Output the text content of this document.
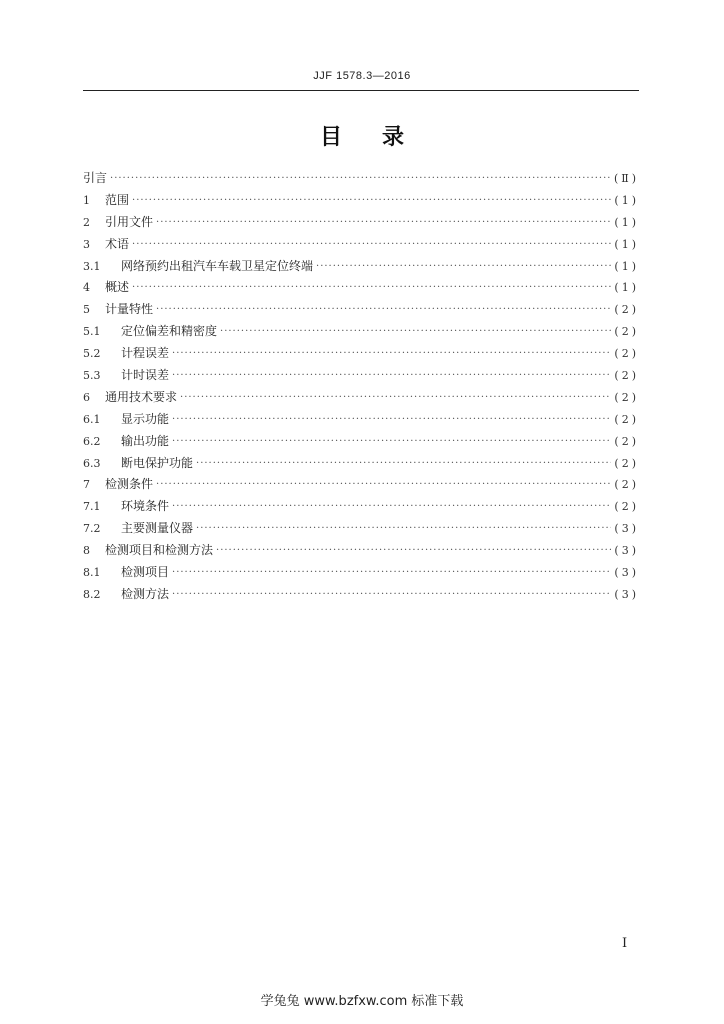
JJF 1578.3—2016
目 录
引言 ·····	(Ⅱ)
1	范围 ·····	(1)
2	引用文件 ·····	(1)
3	术语 ·····	(1)
3.1	网络预约出租汽车车载卫星定位终端 ·····	(1)
4	概述 ·····	(1)
5	计量特性 ·····	(2)
5.1	定位偏差和精密度 ·····	(2)
5.2	计程误差 ·····	(2)
5.3	计时误差 ·····	(2)
6	通用技术要求 ·····	(2)
6.1	显示功能 ·····	(2)
6.2	输出功能 ·····	(2)
6.3	断电保护功能 ·····	(2)
7	检测条件 ·····	(2)
7.1	环境条件 ·····	(2)
7.2	主要测量仪器 ·····	(3)
8	检测项目和检测方法 ·····	(3)
8.1	检测项目 ·····	(3)
8.2	检测方法 ·····	(3)
I
学兔兔 www.bzfxw.com 标准下载
